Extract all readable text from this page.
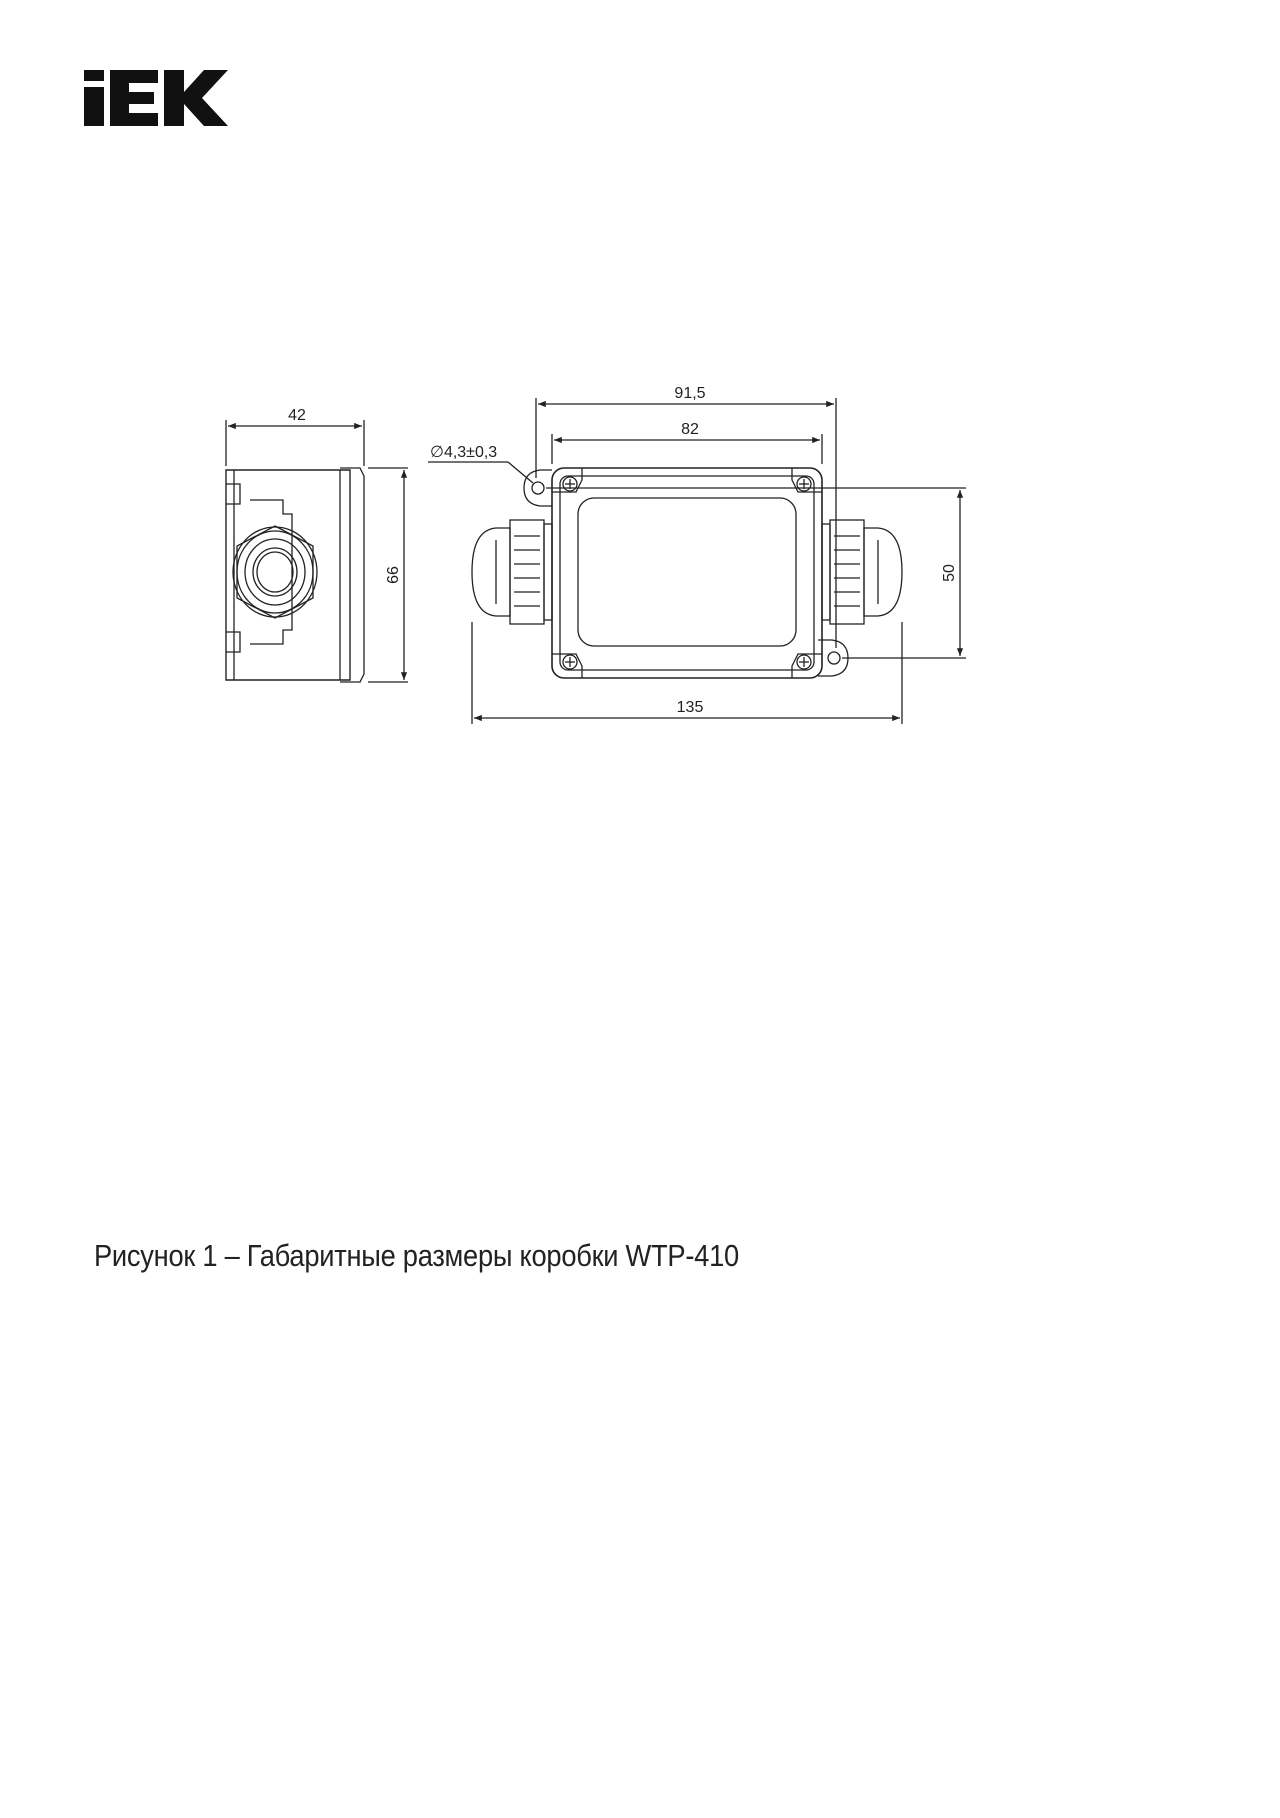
42
66
∅4,3±0,3
91,5
82
50
135
Рисунок 1 – Габаритные размеры коробки WTP-410
